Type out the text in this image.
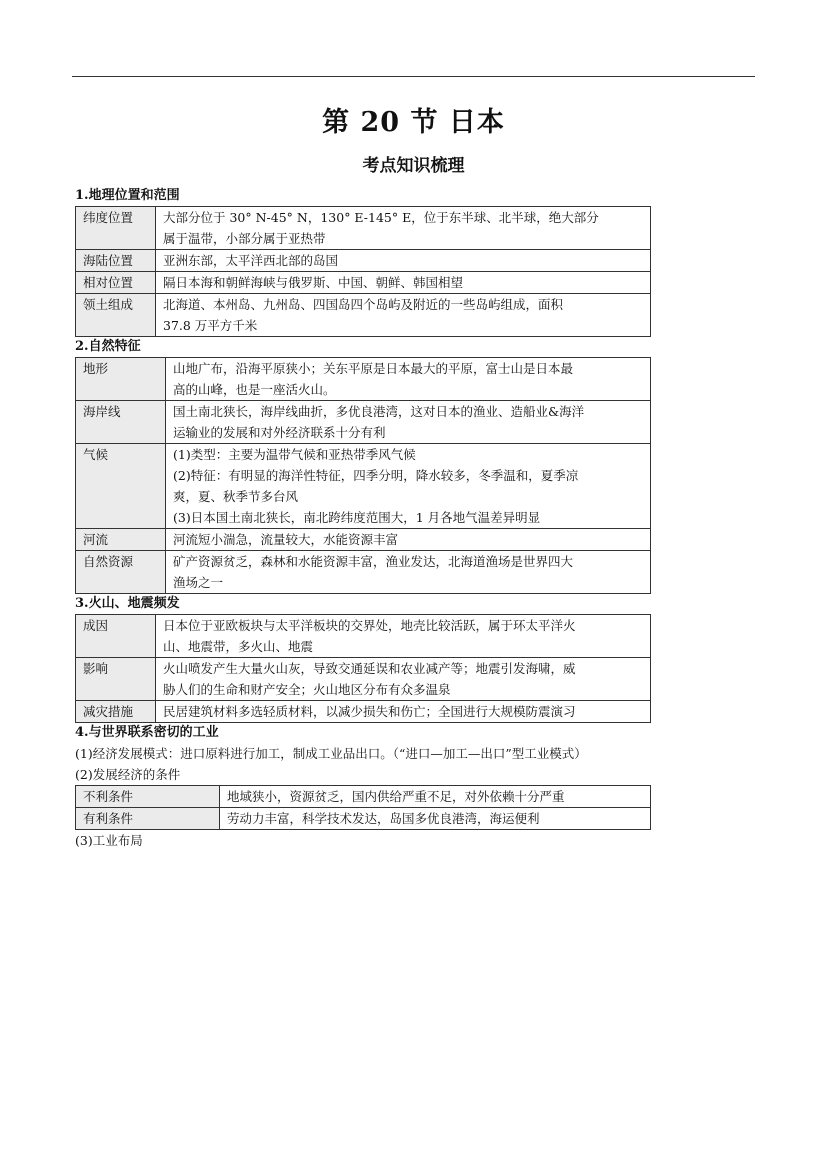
第 20 节 日本
考点知识梳理
1.地理位置和范围
纬度位置	大部分位于 30° N-45° N，130° E-145° E，位于东半球、北半球，绝大部分
属于温带，小部分属于亚热带

海陆位置	亚洲东部，太平洋西北部的岛国

相对位置	隔日本海和朝鲜海峡与俄罗斯、中国、朝鲜、韩国相望

领土组成	北海道、本州岛、九州岛、四国岛四个岛屿及附近的一些岛屿组成，面积
37.8 万平方千米
2.自然特征
地形	山地广布，沿海平原狭小；关东平原是日本最大的平原，富士山是日本最
高的山峰，也是一座活火山。

海岸线	国土南北狭长，海岸线曲折，多优良港湾，这对日本的渔业、造船业&海洋
运输业的发展和对外经济联系十分有利

气候	(1)类型：主要为温带气候和亚热带季风气候
(2)特征：有明显的海洋性特征，四季分明，降水较多，冬季温和，夏季凉
爽，夏、秋季节多台风
(3)日本国土南北狭长，南北跨纬度范围大，1 月各地气温差异明显

河流	河流短小湍急，流量较大，水能资源丰富

自然资源	矿产资源贫乏，森林和水能资源丰富，渔业发达，北海道渔场是世界四大
渔场之一
3.火山、地震频发
成因	日本位于亚欧板块与太平洋板块的交界处，地壳比较活跃，属于环太平洋火
山、地震带，多火山、地震

影响	火山喷发产生大量火山灰，导致交通延误和农业减产等；地震引发海啸，威
胁人们的生命和财产安全；火山地区分布有众多温泉

减灾措施	民居建筑材料多选轻质材料，以减少损失和伤亡；全国进行大规模防震演习
4.与世界联系密切的工业
(1)经济发展模式：进口原料进行加工，制成工业品出口。（“进口—加工—出口”型工业模式）
(2)发展经济的条件
不利条件	地域狭小，资源贫乏，国内供给严重不足，对外依赖十分严重

有利条件	劳动力丰富，科学技术发达，岛国多优良港湾，海运便利
(3)工业布局
